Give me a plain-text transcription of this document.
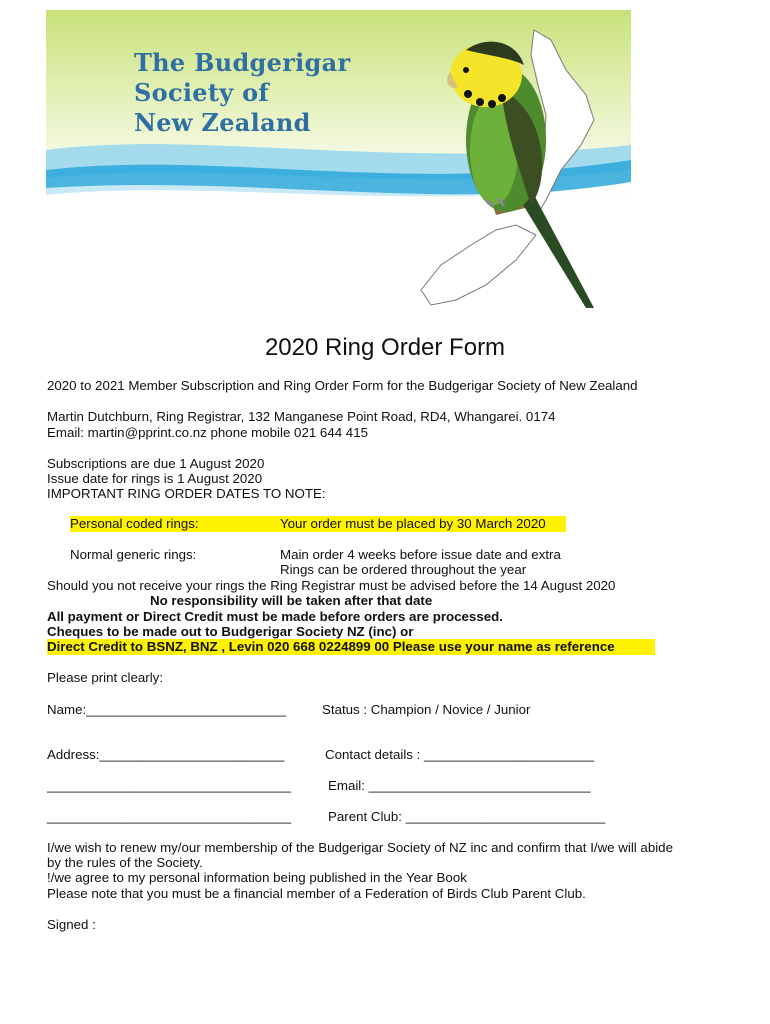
The Budgerigar
Society of
New Zealand
2020 Ring Order Form
2020 to 2021 Member Subscription and Ring Order Form for the Budgerigar Society of New Zealand
Martin Dutchburn, Ring Registrar, 132 Manganese Point Road, RD4, Whangarei. 0174
Email: martin@pprint.co.nz phone mobile 021 644 415
Subscriptions are due 1 August 2020
Issue date for rings is 1 August 2020
IMPORTANT RING ORDER DATES TO NOTE:
Personal coded rings:	Your order must be placed by 30 March 2020
Normal generic rings:	Main order 4 weeks before issue date and extra
Rings can be ordered throughout the year
Should you not receive your rings the Ring Registrar must be advised before the 14 August 2020
No responsibility will be taken after that date
All payment or Direct Credit must be made before orders are processed.
Cheques to be made out to Budgerigar Society NZ (inc) or
Direct Credit to BSNZ, BNZ , Levin 020 668 0224899 00 Please use your name as reference
Please print clearly:
Name:___________________________	Status : Champion / Novice / Junior
Address:_________________________	Contact details : _______________________
_________________________________	Email: ______________________________
_________________________________	Parent Club: ___________________________
I/we wish to renew my/our membership of the Budgerigar Society of NZ inc and confirm that I/we will abide
by the rules of the Society.
!/we agree to my personal information being published in the Year Book
Please note that you must be a financial member of a Federation of Birds Club Parent Club.
Signed :
